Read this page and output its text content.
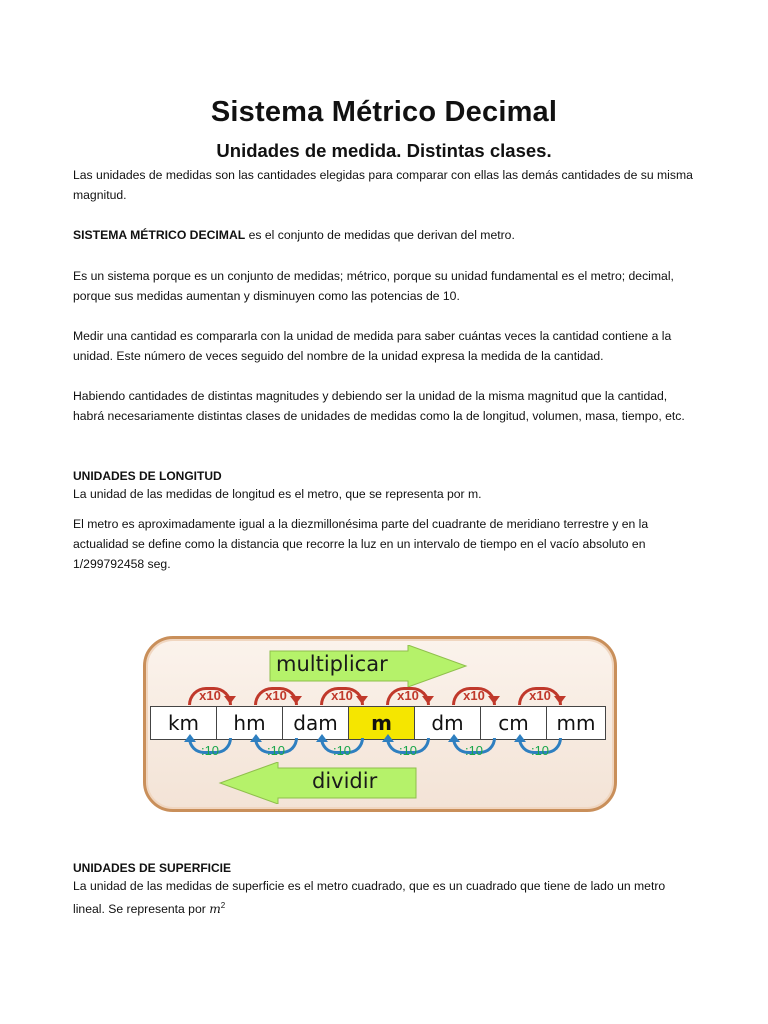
Sistema Métrico Decimal
Unidades de medida. Distintas clases.

Las unidades de medidas son las cantidades elegidas para comparar con ellas las demás cantidades de su misma magnitud.

SISTEMA MÉTRICO DECIMAL es el conjunto de medidas que derivan del metro.

Es un sistema porque es un conjunto de medidas; métrico, porque su unidad fundamental es el metro; decimal, porque sus medidas aumentan y disminuyen como las potencias de 10.

Medir una cantidad es compararla con la unidad de medida para saber cuántas veces la cantidad contiene a la unidad. Este número de veces seguido del nombre de la unidad expresa la medida de la cantidad.

Habiendo cantidades de distintas magnitudes y debiendo ser la unidad de la misma magnitud que la cantidad, habrá necesariamente distintas clases de unidades de medidas como la de longitud, volumen, masa, tiempo, etc.

UNIDADES DE LONGITUD

La unidad de las medidas de longitud es el metro, que se representa por m.

El metro es aproximadamente igual a la diezmillonésima parte del cuadrante de meridiano terrestre y en la actualidad se define como la distancia que recorre la luz en un intervalo de tiempo en el vacío absoluto en 1/299792458 seg.

multiplicar
dividir
x10	x10	x10	x10	x10	x10
km	hm	dam	m	dm	cm	mm
:10	:10	:10	:10	:10	:10

UNIDADES DE SUPERFICIE

La unidad de las medidas de superficie es el metro cuadrado, que es un cuadrado que tiene de lado un metro lineal. Se representa por $m^2$
